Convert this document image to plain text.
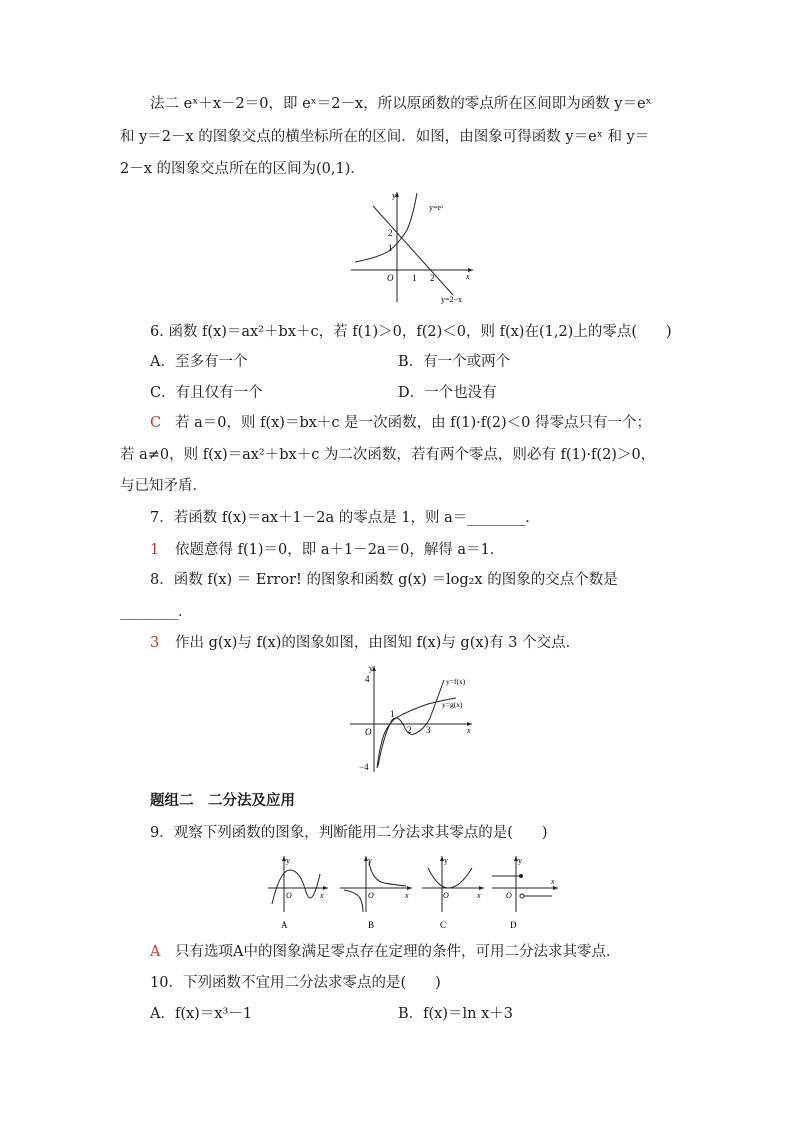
法二 eˣ＋x－2＝0，即 eˣ＝2－x，所以原函数的零点所在区间即为函数 y＝eˣ
和 y＝2－x 的图象交点的横坐标所在的区间．如图，由图象可得函数 y＝eˣ 和 y＝
2－x 的图象交点所在的区间为(0,1)．
y
x
O 1 2
1
2
y=eˣ
y=2−x
6. 函数 f(x)＝ax²＋bx＋c，若 f(1)＞0，f(2)＜0，则 f(x)在(1,2)上的零点(　　)
A．至多有一个	B．有一个或两个
C．有且仅有一个	D．一个也没有
C 若 a＝0，则 f(x)＝bx＋c 是一次函数，由 f(1)·f(2)＜0 得零点只有一个；
若 a≠0，则 f(x)＝ax²＋bx＋c 为二次函数，若有两个零点，则必有 f(1)·f(2)＞0，
与已知矛盾．
7．若函数 f(x)＝ax＋1－2a 的零点是 1，则 a＝________．
1 依题意得 f(1)＝0，即 a＋1－2a＝0，解得 a＝1．
8．函数 f(x) ＝ Error! 的图象和函数 g(x) ＝log₂x 的图象的交点个数是
________．
3 作出 g(x)与 f(x)的图象如图，由图知 f(x)与 g(x)有 3 个交点．
y
x
O
4
−4
1
2 3
y=f(x)
y=g(x)
题组二　二分法及应用
9．观察下列函数的图象，判断能用二分法求其零点的是(　　)
y
x
O
A
y
x
O
B
y
x
O
C
y
x
O
D
A 只有选项A中的图象满足零点存在定理的条件，可用二分法求其零点．
10．下列函数不宜用二分法求零点的是(　　)
A．f(x)＝x³－1	B．f(x)＝ln x＋3
